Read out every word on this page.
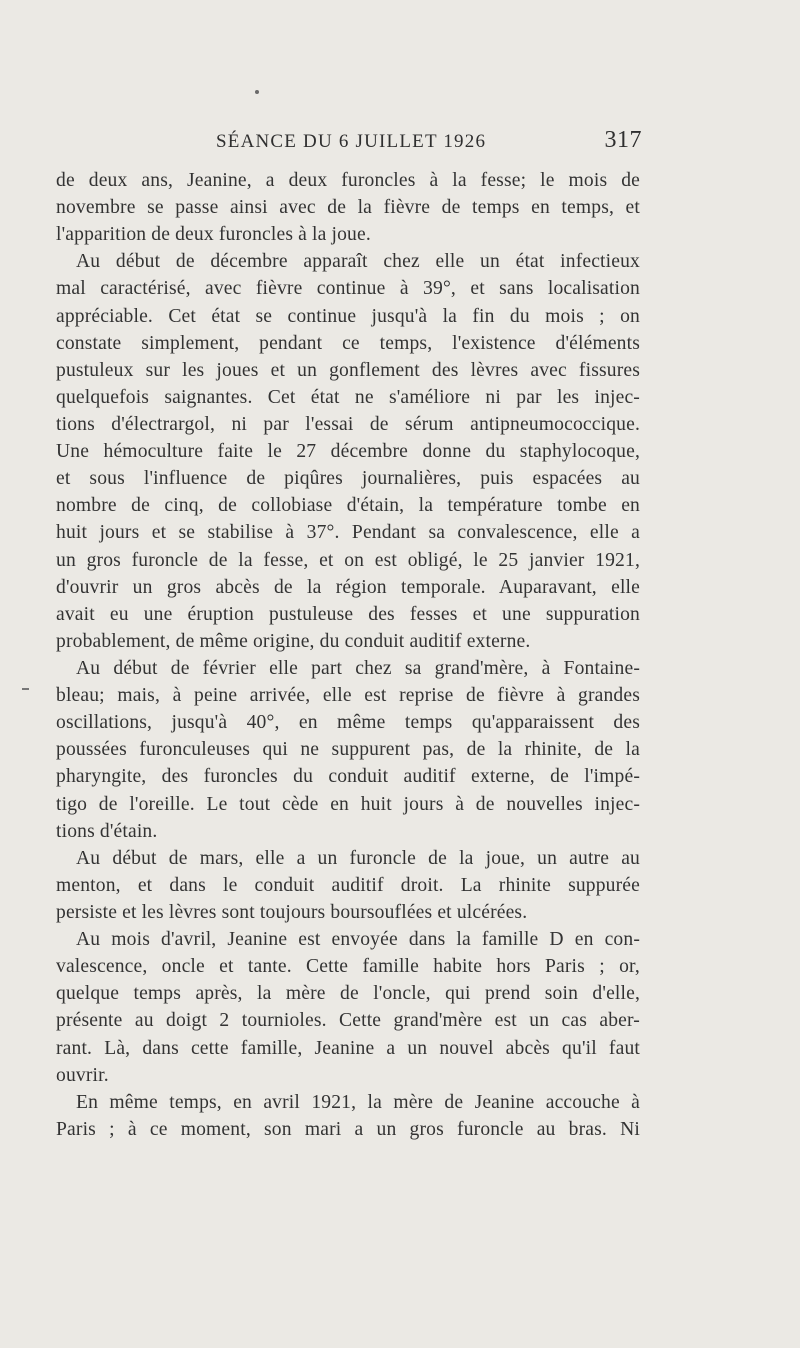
SÉANCE DU 6 JUILLET 1926	317
de deux ans, Jeanine, a deux furoncles à la fesse; le mois de
novembre se passe ainsi avec de la fièvre de temps en temps, et
l'apparition de deux furoncles à la joue.
Au début de décembre apparaît chez elle un état infectieux
mal caractérisé, avec fièvre continue à 39°, et sans localisation
appréciable. Cet état se continue jusqu'à la fin du mois ; on
constate simplement, pendant ce temps, l'existence d'éléments
pustuleux sur les joues et un gonflement des lèvres avec fissures
quelquefois saignantes. Cet état ne s'améliore ni par les injec-
tions d'électrargol, ni par l'essai de sérum antipneumococcique.
Une hémoculture faite le 27 décembre donne du staphylocoque,
et sous l'influence de piqûres journalières, puis espacées au
nombre de cinq, de collobiase d'étain, la température tombe en
huit jours et se stabilise à 37°. Pendant sa convalescence, elle a
un gros furoncle de la fesse, et on est obligé, le 25 janvier 1921,
d'ouvrir un gros abcès de la région temporale. Auparavant, elle
avait eu une éruption pustuleuse des fesses et une suppuration
probablement, de même origine, du conduit auditif externe.
Au début de février elle part chez sa grand'mère, à Fontaine-
bleau; mais, à peine arrivée, elle est reprise de fièvre à grandes
oscillations, jusqu'à 40°, en même temps qu'apparaissent des
poussées furonculeuses qui ne suppurent pas, de la rhinite, de la
pharyngite, des furoncles du conduit auditif externe, de l'impé-
tigo de l'oreille. Le tout cède en huit jours à de nouvelles injec-
tions d'étain.
Au début de mars, elle a un furoncle de la joue, un autre au
menton, et dans le conduit auditif droit. La rhinite suppurée
persiste et les lèvres sont toujours boursouflées et ulcérées.
Au mois d'avril, Jeanine est envoyée dans la famille D en con-
valescence, oncle et tante. Cette famille habite hors Paris ; or,
quelque temps après, la mère de l'oncle, qui prend soin d'elle,
présente au doigt 2 tournioles. Cette grand'mère est un cas aber-
rant. Là, dans cette famille, Jeanine a un nouvel abcès qu'il faut
ouvrir.
En même temps, en avril 1921, la mère de Jeanine accouche à
Paris ; à ce moment, son mari a un gros furoncle au bras. Ni
